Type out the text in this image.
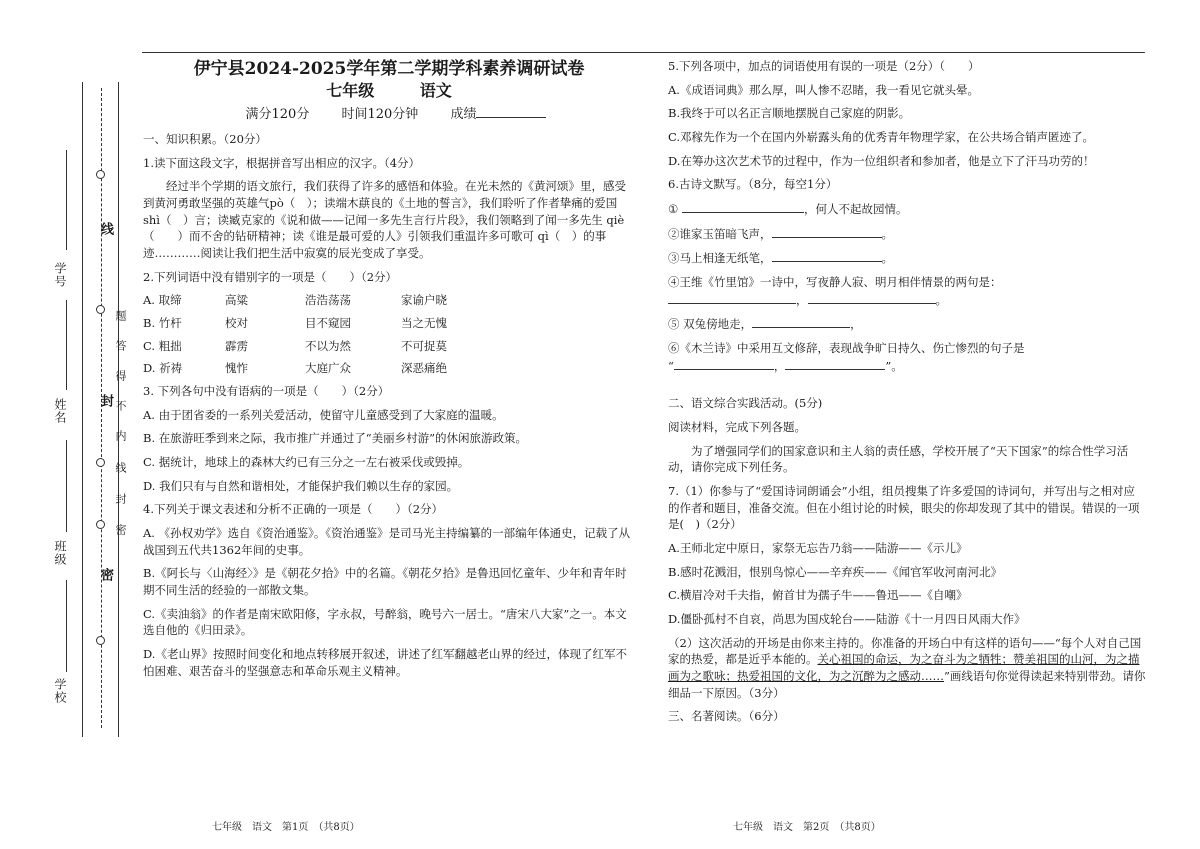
线
封
密
题
答
得
不
内
线
封
密
学号
姓名
班级
学校

伊宁县2024-2025学年第二学期学科素养调研试卷

七年级	语文

满分120分 时间120分钟 成绩

一、知识积累。（20分）

1.读下面这段文字，根据拼音写出相应的汉字。（4分）

经过半个学期的语文旅行，我们获得了许多的感悟和体验。在光未然的《黄河颂》里，感受到黄河勇敢坚强的英雄气pò（　）；读端木蕻良的《土地的誓言》，我们聆听了作者挚痛的爱国 shì（　）言；读臧克家的《说和做——记闻一多先生言行片段》，我们领略到了闻一多先生 qiè（　　）而不舍的钻研精神；读《谁是最可爱的人》引领我们重温许多可歌可 qì（　）的事迹…………阅读让我们把生活中寂寞的辰光变成了享受。

2.下列词语中没有错别字的一项是（　　）（2分）

A. 取缔	高粱	浩浩荡荡	家谕户晓
B. 竹杆	校对	目不窥园	当之无愧
C. 粗拙	霹雳	不以为然	不可捉莫
D. 祈祷	愧怍	大庭广众	深恶痛绝

3. 下列各句中没有语病的一项是（　　）（2分）

A. 由于团省委的一系列关爱活动，使留守儿童感受到了大家庭的温暖。

B. 在旅游旺季到来之际，我市推广并通过了“美丽乡村游”的休闲旅游政策。

C. 据统计，地球上的森林大约已有三分之一左右被采伐或毁掉。

D. 我们只有与自然和谐相处，才能保护我们赖以生存的家园。

4.下列关于课文表述和分析不正确的一项是（　　）（2分）

A. 《孙权劝学》选自《资治通鉴》。《资治通鉴》是司马光主持编纂的一部编年体通史，记载了从战国到五代共1362年间的史事。

B.《阿长与〈山海经〉》是《朝花夕拾》中的名篇。《朝花夕拾》是鲁迅回忆童年、少年和青年时期不同生活的经验的一部散文集。

C.《卖油翁》的作者是南宋欧阳修，字永叔，号醉翁，晚号六一居士。“唐宋八大家”之一。本文选自他的《归田录》。

D.《老山界》按照时间变化和地点转移展开叙述，讲述了红军翻越老山界的经过，体现了红军不怕困难、艰苦奋斗的坚强意志和革命乐观主义精神。

七年级　语文　第1页　（共8页）

5.下列各项中，加点的词语使用有误的一项是（2分）（　　）

A.《成语词典》那么厚，叫人惨不忍睹，我一看见它就头晕。

B.我终于可以名正言顺地摆脱自己家庭的阴影。

C.邓稼先作为一个在国内外崭露头角的优秀青年物理学家，在公共场合销声匿迹了。

D.在筹办这次艺术节的过程中，作为一位组织者和参加者，他是立下了汗马功劳的！

6.古诗文默写。（8分，每空1分）

①	，何人不起故园情。

②谁家玉笛暗飞声，	。

③马上相逢无纸笔，	。

④王维《竹里馆》一诗中，写夜静人寂、明月相伴情景的两句是：

，	。

⑤ 双兔傍地走，	，

⑥《木兰诗》中采用互文修辞，表现战争旷日持久、伤亡惨烈的句子是

“	，	”。

二、语文综合实践活动。(5分)

阅读材料，完成下列各题。

为了增强同学们的国家意识和主人翁的责任感，学校开展了“天下国家”的综合性学习活动，请你完成下列任务。

7.（1）你参与了“爱国诗词朗诵会”小组，组员搜集了许多爱国的诗词句，并写出与之相对应的作者和题目，准备交流。但在小组讨论的时候，眼尖的你却发现了其中的错误。错误的一项是(　)（2分）

A.王师北定中原日，家祭无忘告乃翁——陆游——《示儿》

B.感时花溅泪，恨别鸟惊心——辛弃疾——《闻官军收河南河北》

C.横眉冷对千夫指，俯首甘为孺子牛——鲁迅——《自嘲》

D.僵卧孤村不自哀，尚思为国戍轮台——陆游《十一月四日风雨大作》

（2）这次活动的开场是由你来主持的。你准备的开场白中有这样的语句——“每个人对自己国家的热爱，都是近乎本能的。关心祖国的命运，为之奋斗为之牺牲；赞美祖国的山河，为之描画为之歌咏；热爱祖国的文化，为之沉醉为之感动……”画线语句你觉得读起来特别带劲。请你细品一下原因。（3分）

三、名著阅读。（6分）

七年级　语文　第2页　（共8页）
